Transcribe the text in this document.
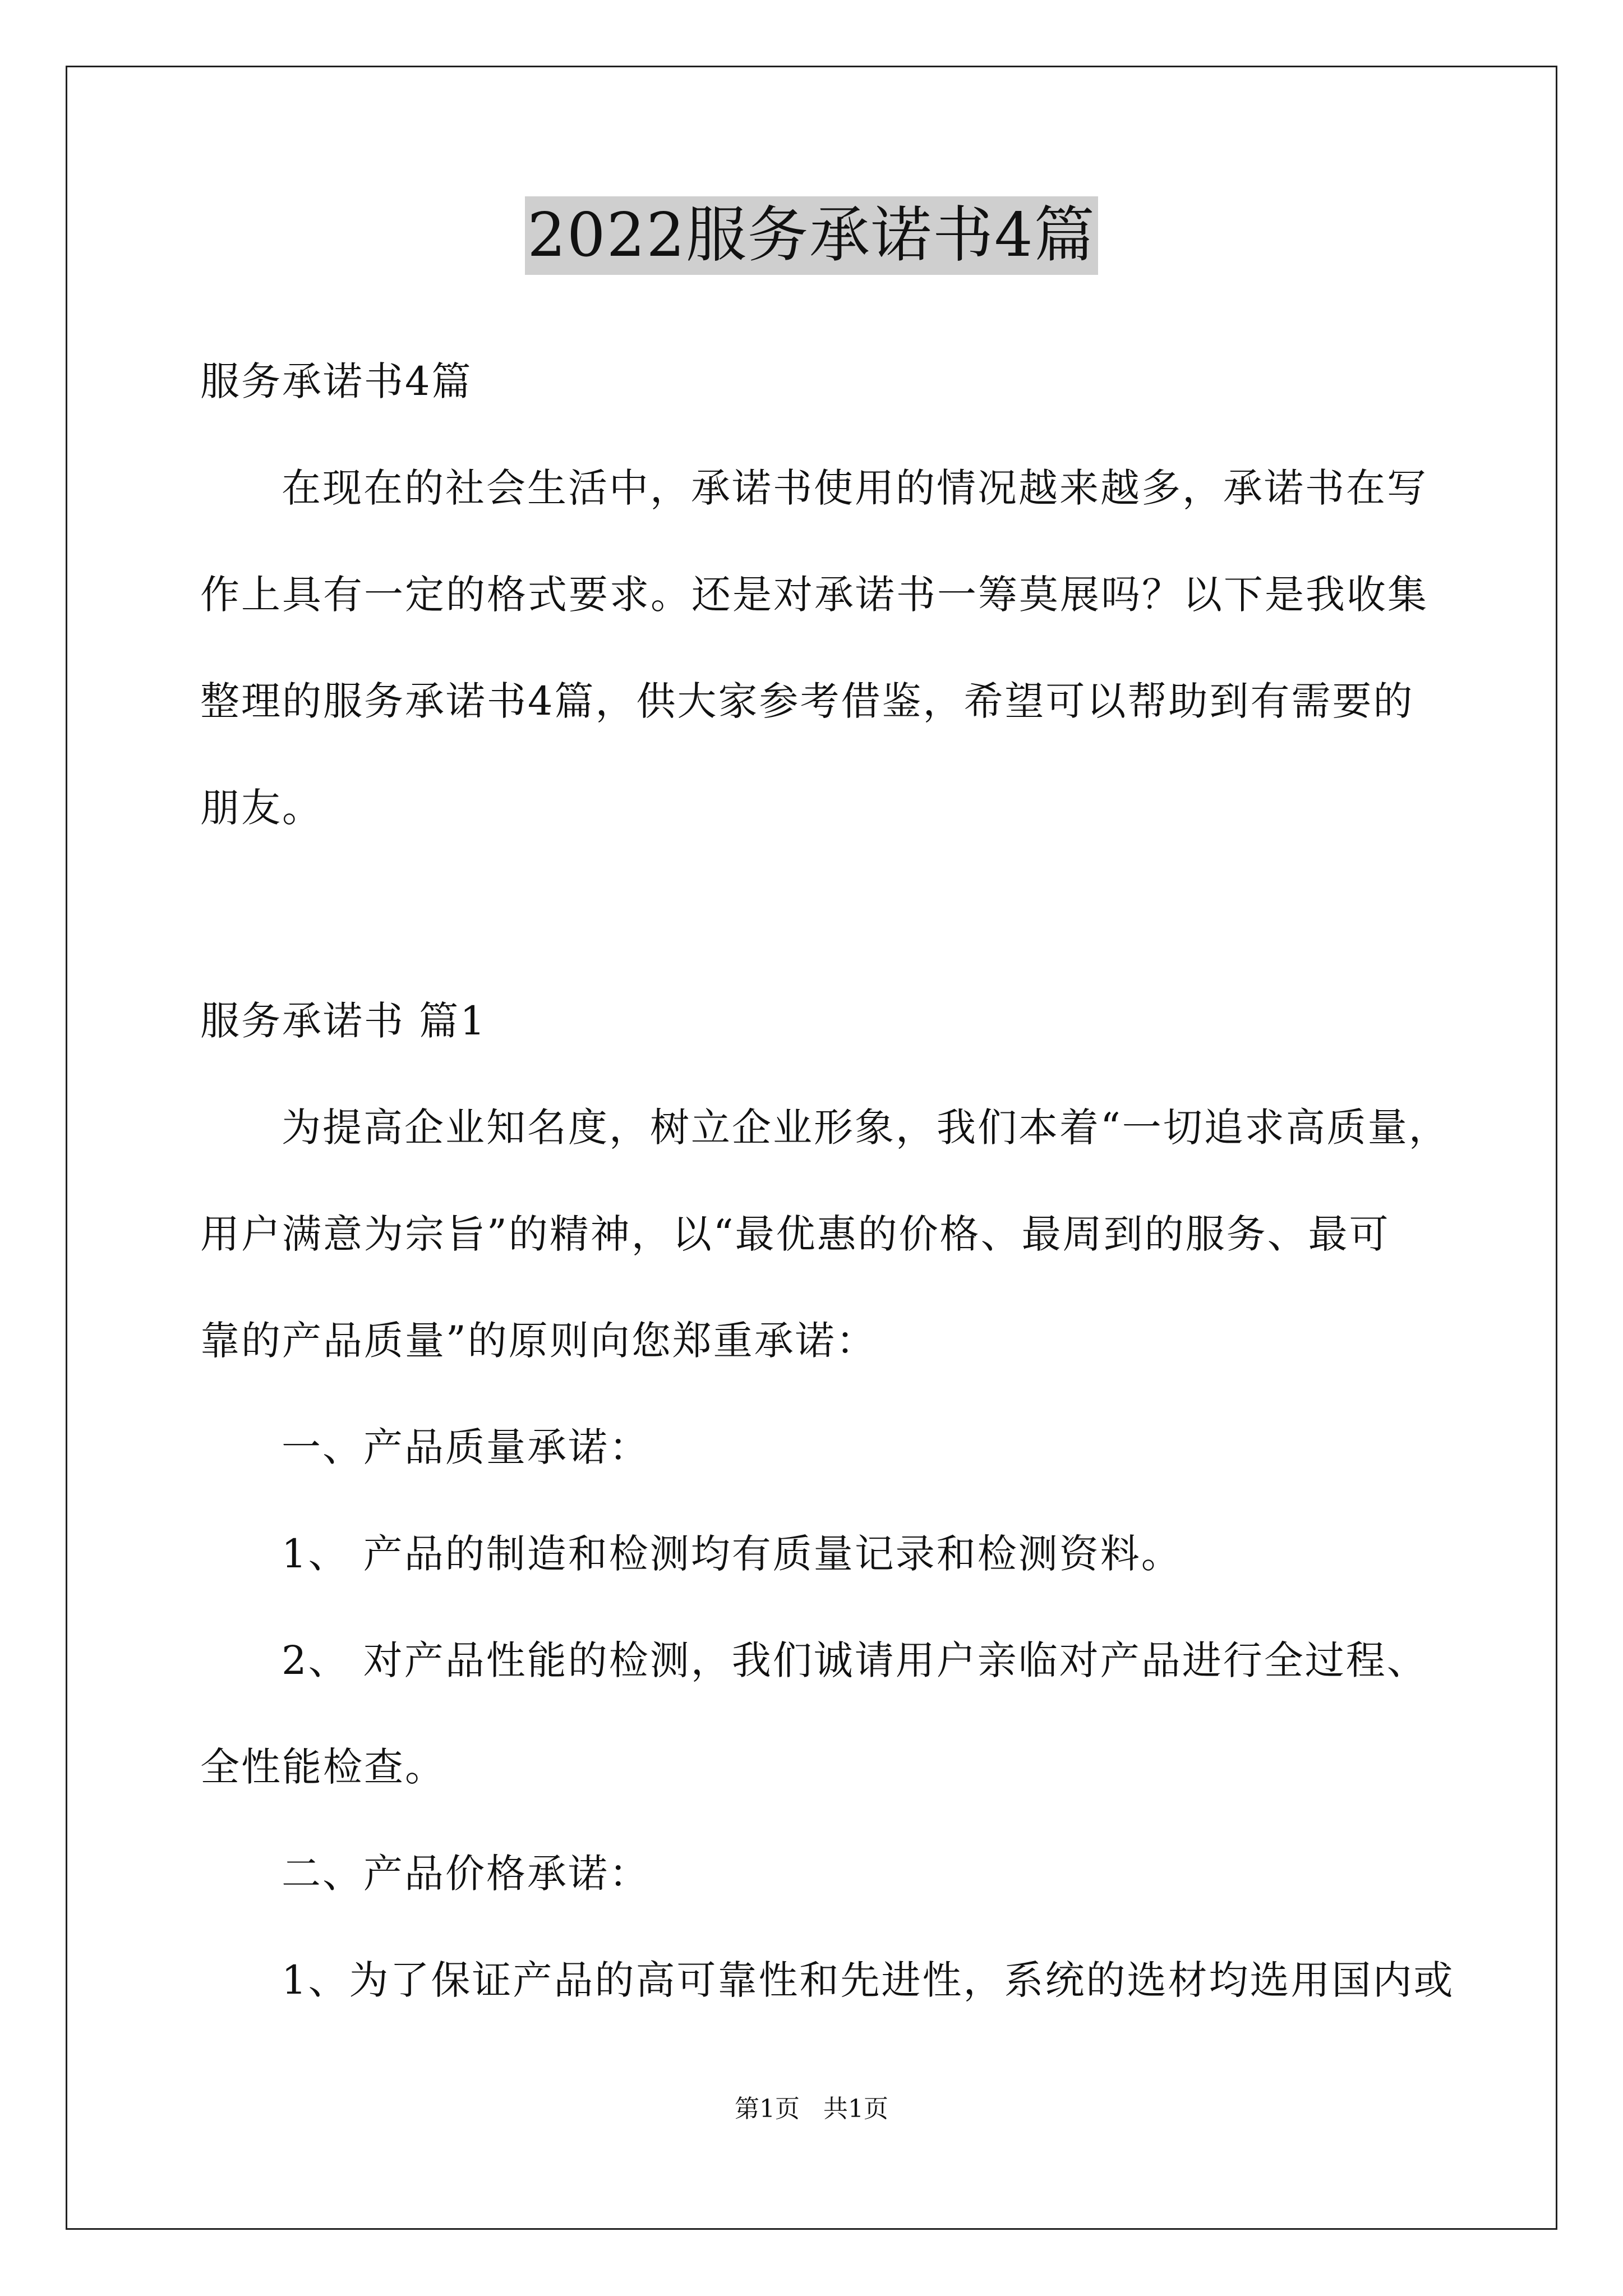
2022服务承诺书4篇
服务承诺书4篇
在现在的社会生活中，承诺书使用的情况越来越多，承诺书在写
作上具有一定的格式要求。还是对承诺书一筹莫展吗？以下是我收集
整理的服务承诺书4篇，供大家参考借鉴，希望可以帮助到有需要的
朋友。
服务承诺书 篇1
为提高企业知名度，树立企业形象，我们本着“一切追求高质量，
用户满意为宗旨”的精神，以“最优惠的价格、最周到的服务、最可
靠的产品质量”的原则向您郑重承诺：
一、产品质量承诺：
1、 产品的制造和检测均有质量记录和检测资料。
2、 对产品性能的检测，我们诚请用户亲临对产品进行全过程、
全性能检查。
二、产品价格承诺：
1、为了保证产品的高可靠性和先进性，系统的选材均选用国内或
第1页   共1页
